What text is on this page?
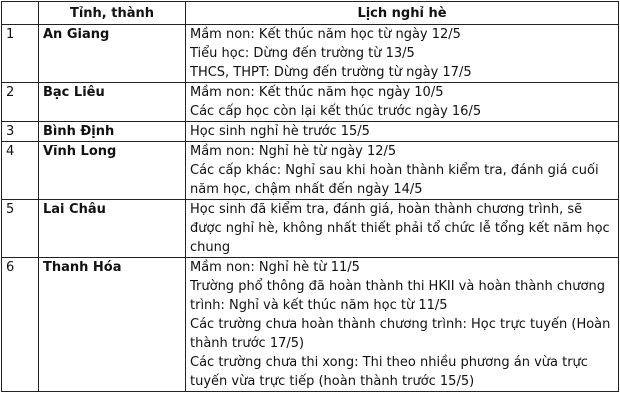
	Tỉnh, thành	Lịch nghỉ hè
1	An Giang	Mầm non: Kết thúc năm học từ ngày 12/5
Tiểu học: Dừng đến trường từ 13/5
THCS, THPT: Dừng đến trường từ ngày 17/5

2	Bạc Liêu	Mầm non: Kết thúc năm học ngày 10/5
Các cấp học còn lại kết thúc trước ngày 16/5

3	Bình Định	Học sinh nghỉ hè trước 15/5

4	Vĩnh Long	Mầm non: Nghỉ hè từ ngày 12/5
Các cấp khác: Nghỉ sau khi hoàn thành kiểm tra, đánh giá cuối năm học, chậm nhất đến ngày 14/5

5	Lai Châu	Học sinh đã kiểm tra, đánh giá, hoàn thành chương trình, sẽ được nghỉ hè, không nhất thiết phải tổ chức lễ tổng kết năm học chung

6	Thanh Hóa	Mầm non: Nghỉ hè từ 11/5
Trường phổ thông đã hoàn thành thi HKII và hoàn thành chương trình: Nghỉ và kết thúc năm học từ 11/5
Các trường chưa hoàn thành chương trình: Học trực tuyến (Hoàn thành trước 17/5)
Các trường chưa thi xong: Thi theo nhiều phương án vừa trực tuyến vừa trực tiếp (hoàn thành trước 15/5)
